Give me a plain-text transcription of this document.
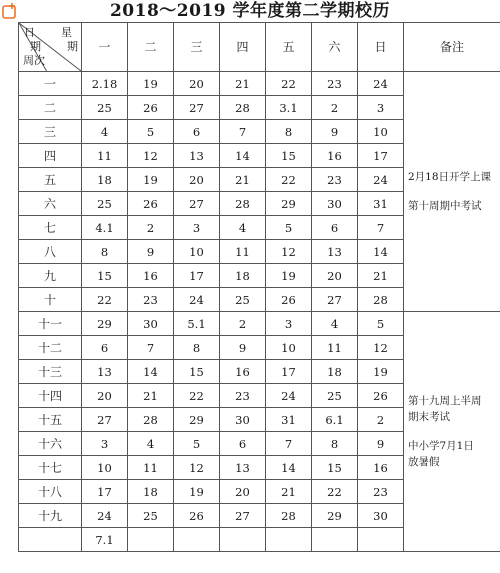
2018～2019 学年度第二学期校历
日 星
期 期
周次	一	二	三	四	五	六	日	备注
一	2.18	19	20	21	22	23	24	2月18日开学上课
第十周期中考试

二	25	26	27	28	3.1	2	3	
三	4	5	6	7	8	9	10	
四	11	12	13	14	15	16	17	
五	18	19	20	21	22	23	24	
六	25	26	27	28	29	30	31	
七	4.1	2	3	4	5	6	7	
八	8	9	10	11	12	13	14	
九	15	16	17	18	19	20	21	
十	22	23	24	25	26	27	28	
十一	29	30	5.1	2	3	4	5	第十九周上半周
期末考试
中小学7月1日
放暑假

十二	6	7	8	9	10	11	12	
十三	13	14	15	16	17	18	19	
十四	20	21	22	23	24	25	26	
十五	27	28	29	30	31	6.1	2	
十六	3	4	5	6	7	8	9	
十七	10	11	12	13	14	15	16	
十八	17	18	19	20	21	22	23	
十九	24	25	26	27	28	29	30	
	7.1							
